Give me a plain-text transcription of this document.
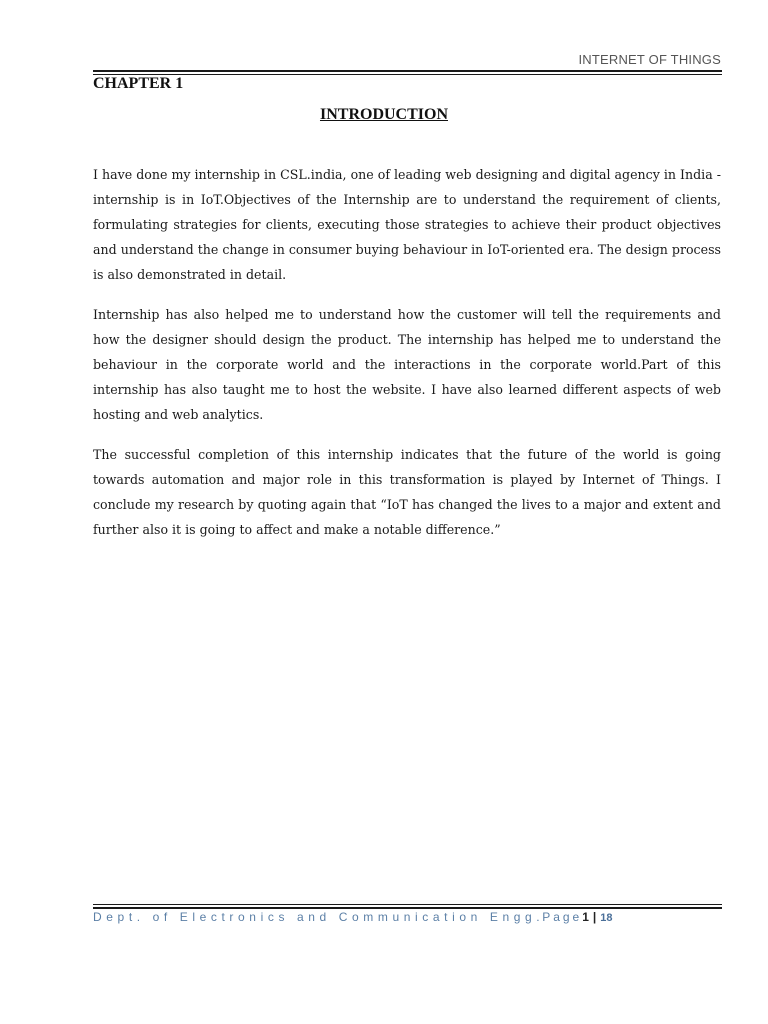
INTERNET OF THINGS
CHAPTER 1
INTRODUCTION

I have done my internship in CSL.india, one of leading web designing and digital agency in India - internship is in IoT.Objectives of the Internship are to understand the requirement of clients, formulating strategies for clients, executing those strategies to achieve their product objectives and understand the change in consumer buying behaviour in IoT-oriented era. The design process is also demonstrated in detail.

Internship has also helped me to understand how the customer will tell the requirements and how the designer should design the product. The internship has helped me to understand the behaviour in the corporate world and the interactions in the corporate world.Part of this internship has also taught me to host the website. I have also learned different aspects of web hosting and web analytics.

The successful completion of this internship indicates that the future of the world is going towards automation and major role in this transformation is played by Internet of Things. I conclude my research by quoting again that “IoT has changed the lives to a major and extent and further also it is going to affect and make a notable difference.”

Dept. of Electronics and Communication Engg.Page1 | 18
